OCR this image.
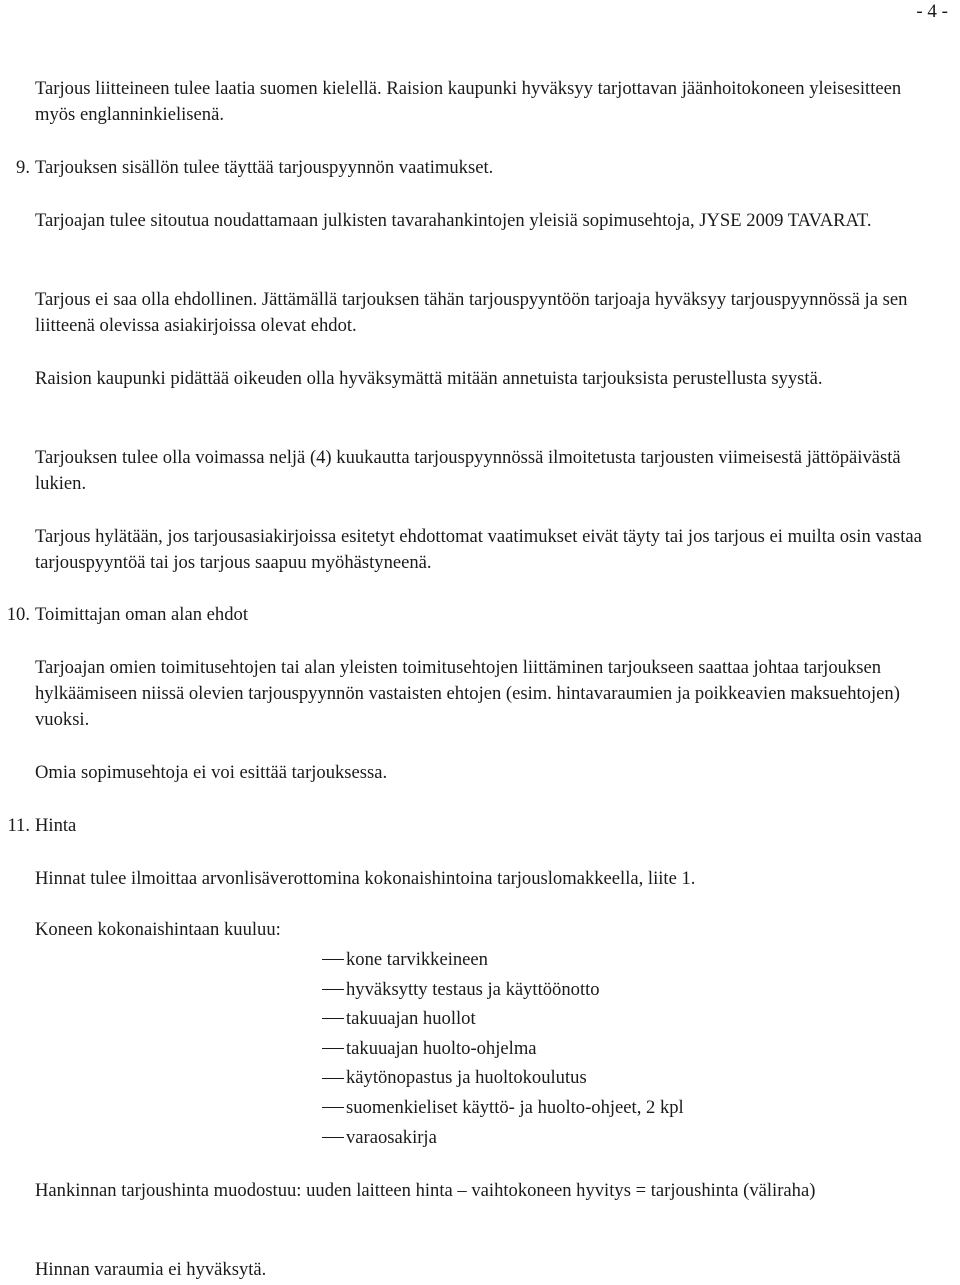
- 4 -

Tarjous liitteineen tulee laatia suomen kielellä. Raision kaupunki hyväksyy tarjottavan jäänhoitokoneen yleisesitteen myös englanninkielisenä.

9. Tarjouksen sisällön tulee täyttää tarjouspyynnön vaatimukset.

Tarjoajan tulee sitoutua noudattamaan julkisten tavarahankintojen yleisiä sopimusehtoja, JYSE 2009 TAVARAT.

Tarjous ei saa olla ehdollinen. Jättämällä tarjouksen tähän tarjouspyyntöön tarjoaja hyväksyy tarjouspyynnössä ja sen liitteenä olevissa asiakirjoissa olevat ehdot.

Raision kaupunki pidättää oikeuden olla hyväksymättä mitään annetuista tarjouksista perustellusta syystä.

Tarjouksen tulee olla voimassa neljä (4) kuukautta tarjouspyynnössä ilmoitetusta tarjousten viimeisestä jättöpäivästä lukien.

Tarjous hylätään, jos tarjousasiakirjoissa esitetyt ehdottomat vaatimukset eivät täyty tai jos tarjous ei muilta osin vastaa tarjouspyyntöä tai jos tarjous saapuu myöhästyneenä.

10. Toimittajan oman alan ehdot

Tarjoajan omien toimitusehtojen tai alan yleisten toimitusehtojen liittäminen tarjoukseen saattaa johtaa tarjouksen hylkäämiseen niissä olevien tarjouspyynnön vastaisten ehtojen (esim. hintavaraumien ja poikkeavien maksuehtojen) vuoksi.

Omia sopimusehtoja ei voi esittää tarjouksessa.

11. Hinta

Hinnat tulee ilmoittaa arvonlisäverottomina kokonaishintoina tarjouslomakkeella, liite 1.

Koneen kokonaishintaan kuuluu:

kone tarvikkeineen
hyväksytty testaus ja käyttöönotto
takuuajan huollot
takuuajan huolto-ohjelma
käytönopastus ja huoltokoulutus
suomenkieliset käyttö- ja huolto-ohjeet, 2 kpl
varaosakirja

Hankinnan tarjoushinta muodostuu: uuden laitteen hinta – vaihtokoneen hyvitys = tarjoushinta (väliraha)

Hinnan varaumia ei hyväksytä.
